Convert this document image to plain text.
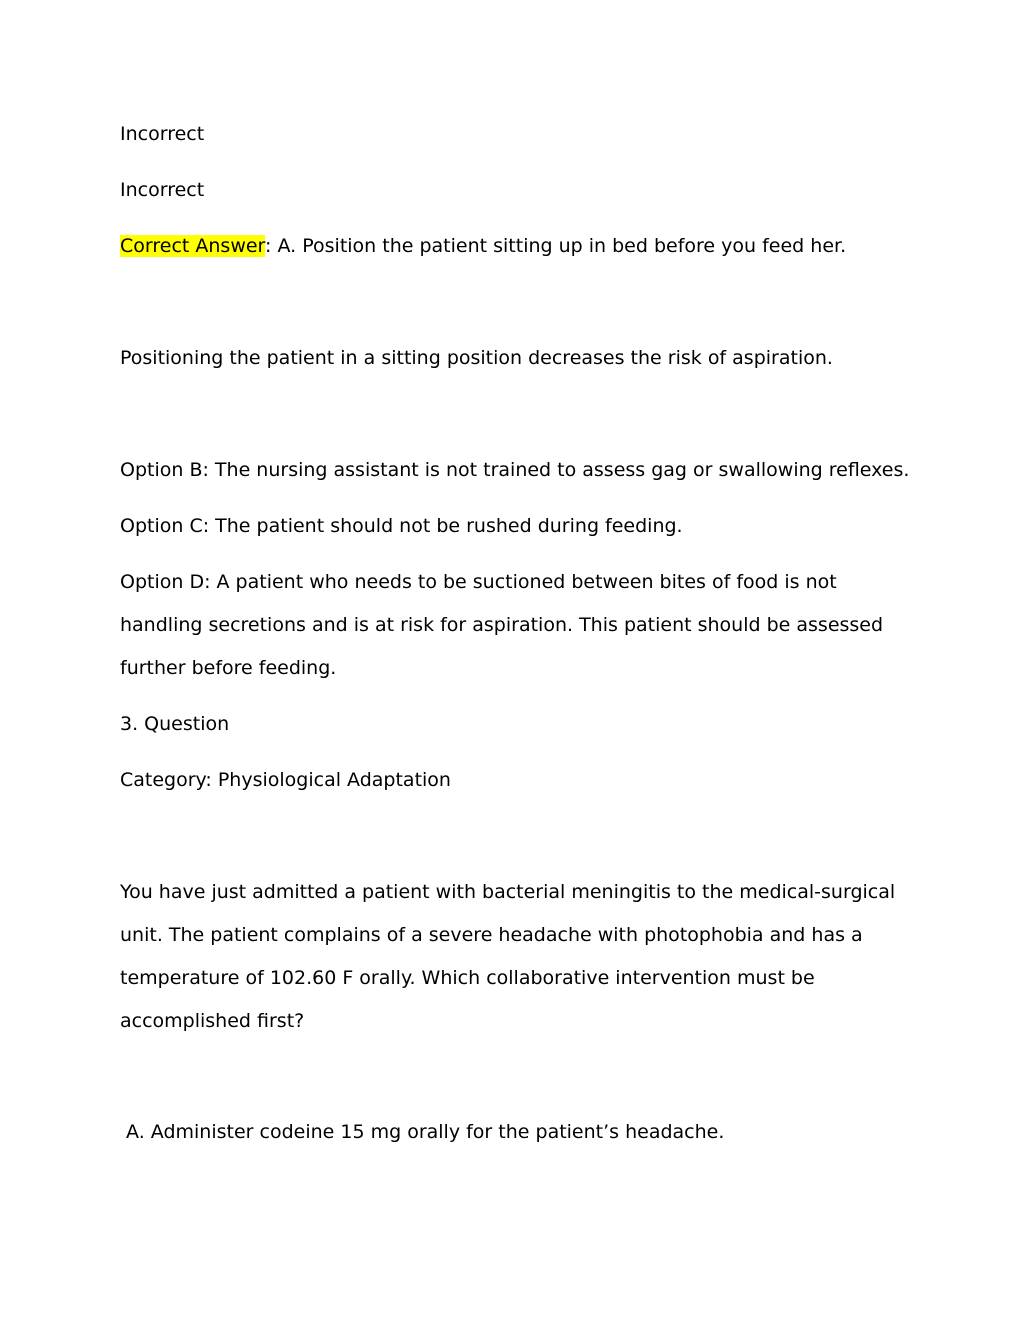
Incorrect
Incorrect
Correct Answer: A. Position the patient sitting up in bed before you feed her.
Positioning the patient in a sitting position decreases the risk of aspiration.
Option B: The nursing assistant is not trained to assess gag or swallowing reflexes.
Option C: The patient should not be rushed during feeding.
Option D: A patient who needs to be suctioned between bites of food is not
handling secretions and is at risk for aspiration. This patient should be assessed
further before feeding.
3. Question
Category: Physiological Adaptation
You have just admitted a patient with bacterial meningitis to the medical-surgical
unit. The patient complains of a severe headache with photophobia and has a
temperature of 102.60 F orally. Which collaborative intervention must be
accomplished first?
A. Administer codeine 15 mg orally for the patient’s headache.
